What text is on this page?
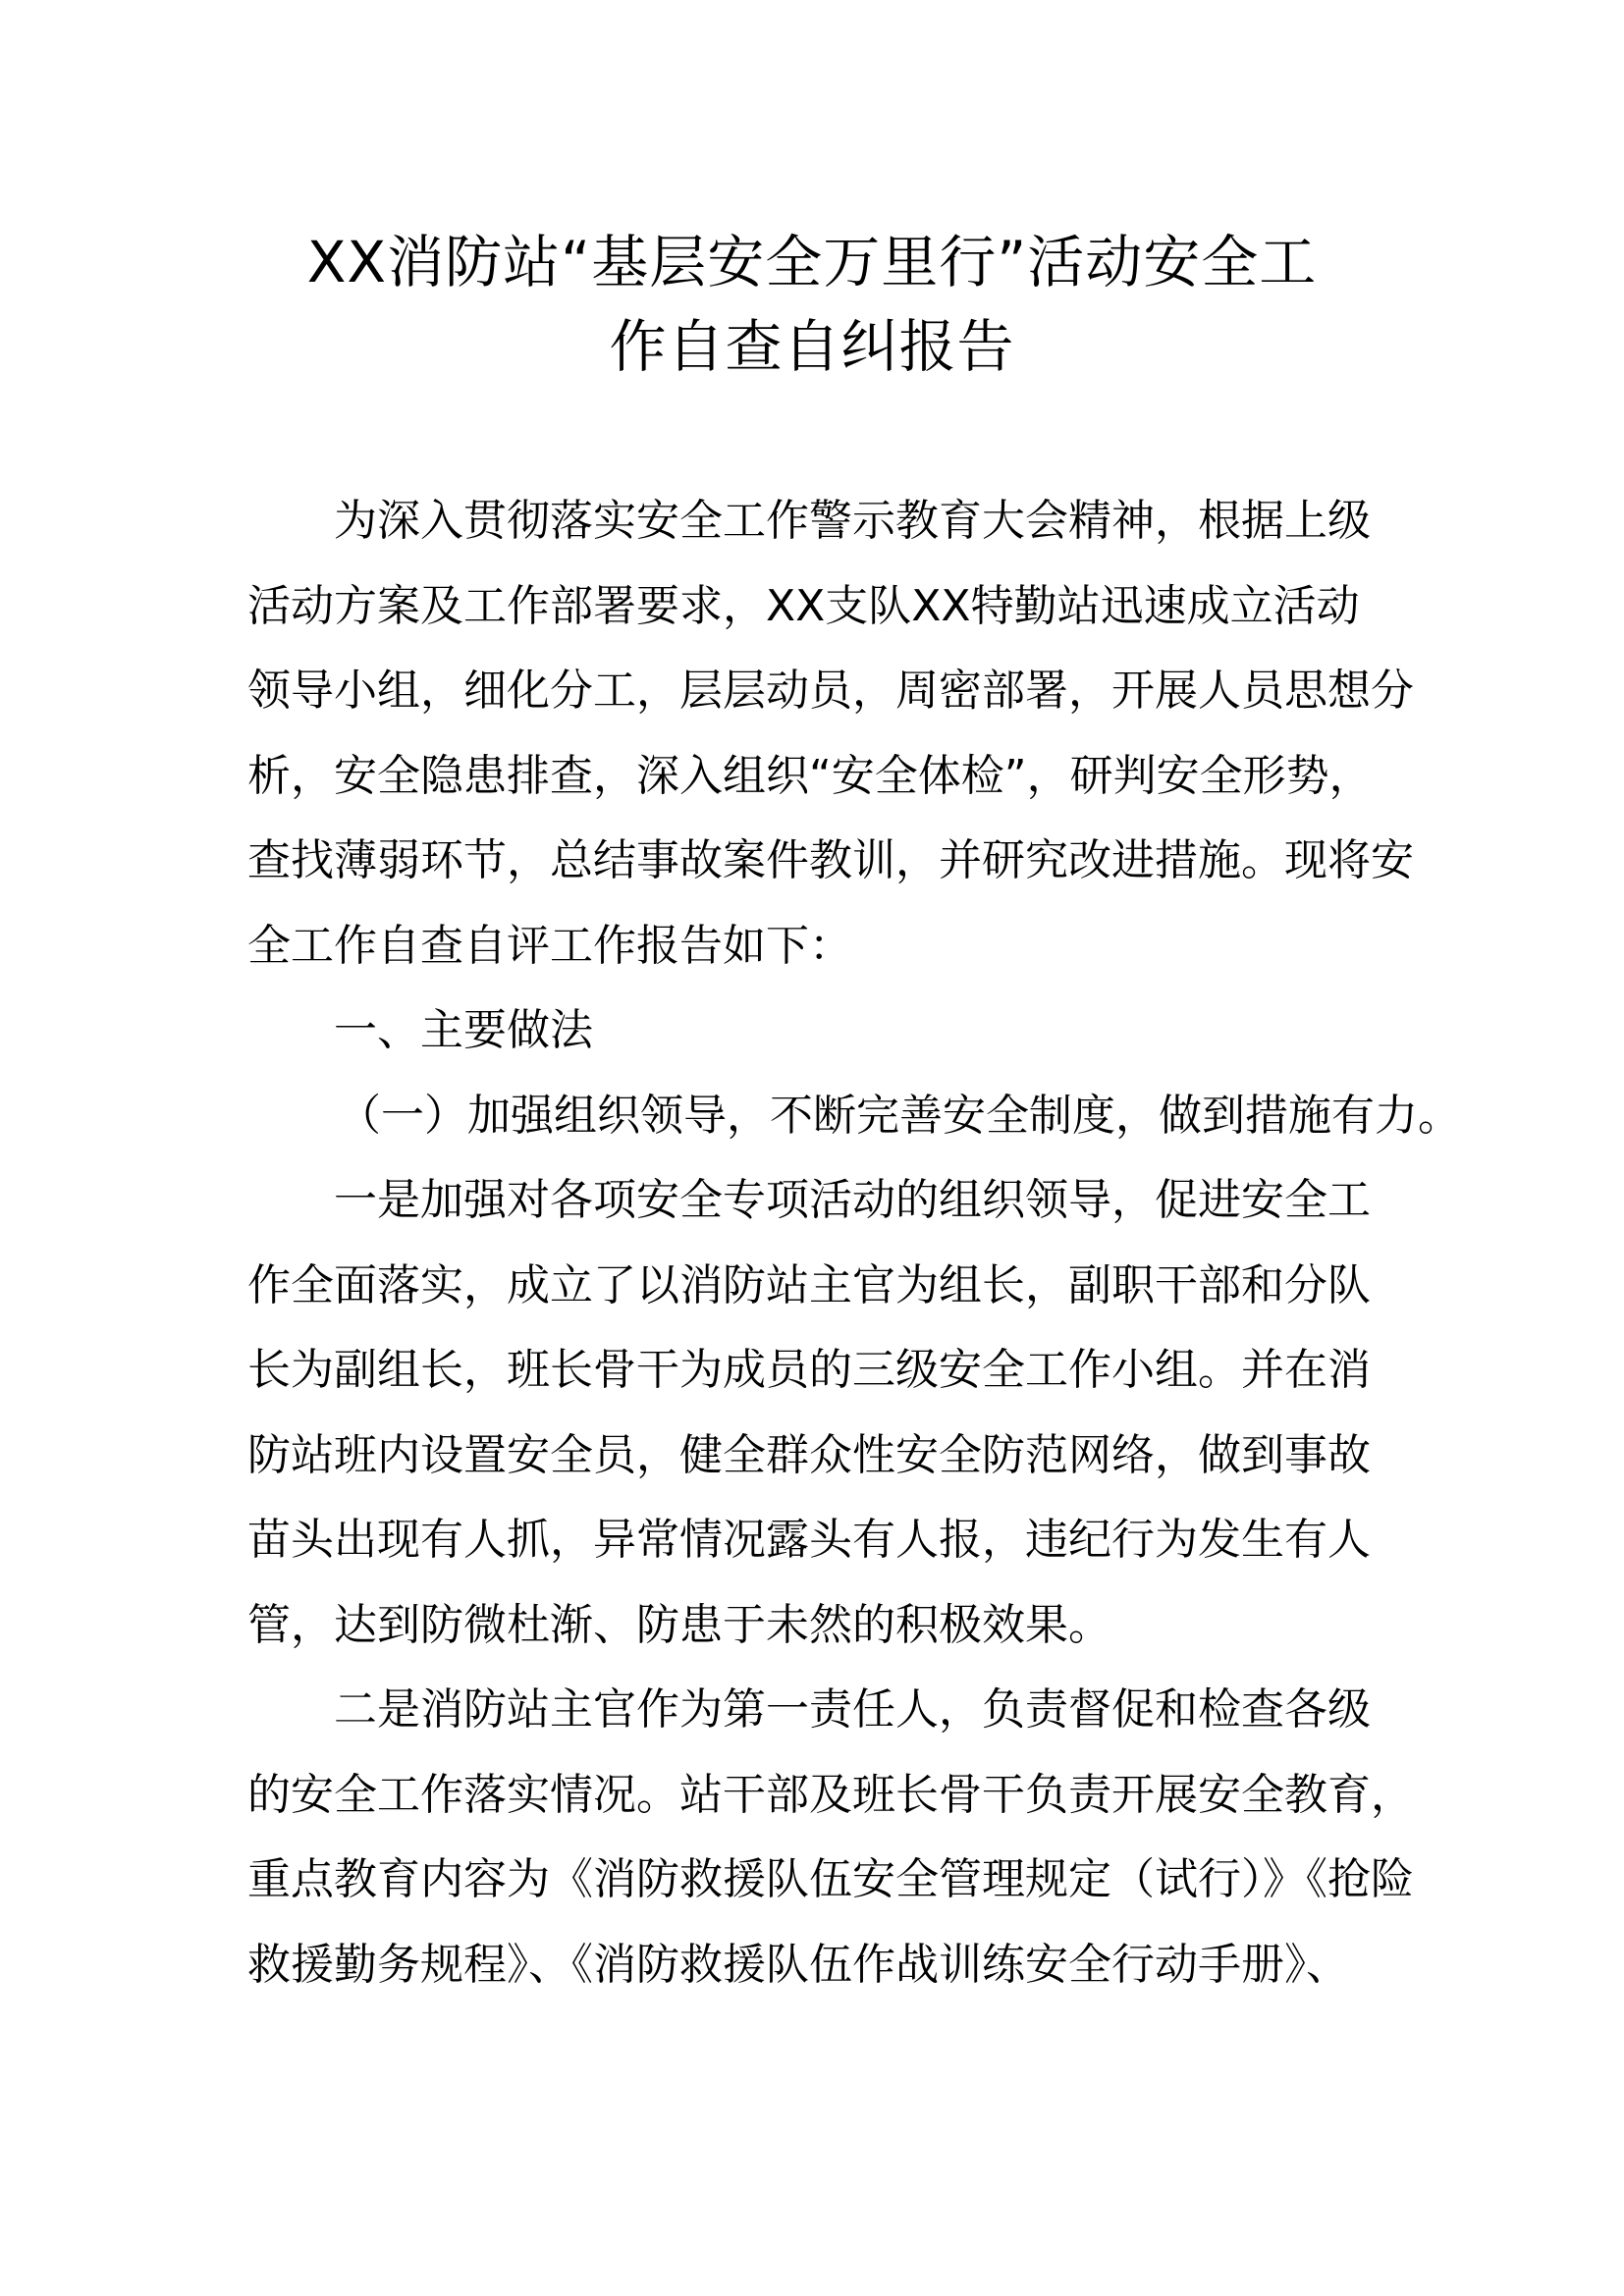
XX消防站“基层安全万里行”活动安全工
作自查自纠报告
为深入贯彻落实安全工作警示教育大会精神，根据上级
活动方案及工作部署要求，XX支队XX特勤站迅速成立活动
领导小组，细化分工，层层动员，周密部署，开展人员思想分
析，安全隐患排查，深入组织“安全体检”，研判安全形势，
查找薄弱环节，总结事故案件教训，并研究改进措施。现将安
全工作自查自评工作报告如下：
一、主要做法
（一）加强组织领导，不断完善安全制度，做到措施有力。
一是加强对各项安全专项活动的组织领导，促进安全工
作全面落实，成立了以消防站主官为组长，副职干部和分队
长为副组长，班长骨干为成员的三级安全工作小组。并在消
防站班内设置安全员，健全群众性安全防范网络，做到事故
苗头出现有人抓，异常情况露头有人报，违纪行为发生有人
管，达到防微杜渐、防患于未然的积极效果。
二是消防站主官作为第一责任人，负责督促和检查各级
的安全工作落实情况。站干部及班长骨干负责开展安全教育，
重点教育内容为《消防救援队伍安全管理规定（试行）》《抢险
救援勤务规程》、《消防救援队伍作战训练安全行动手册》、
